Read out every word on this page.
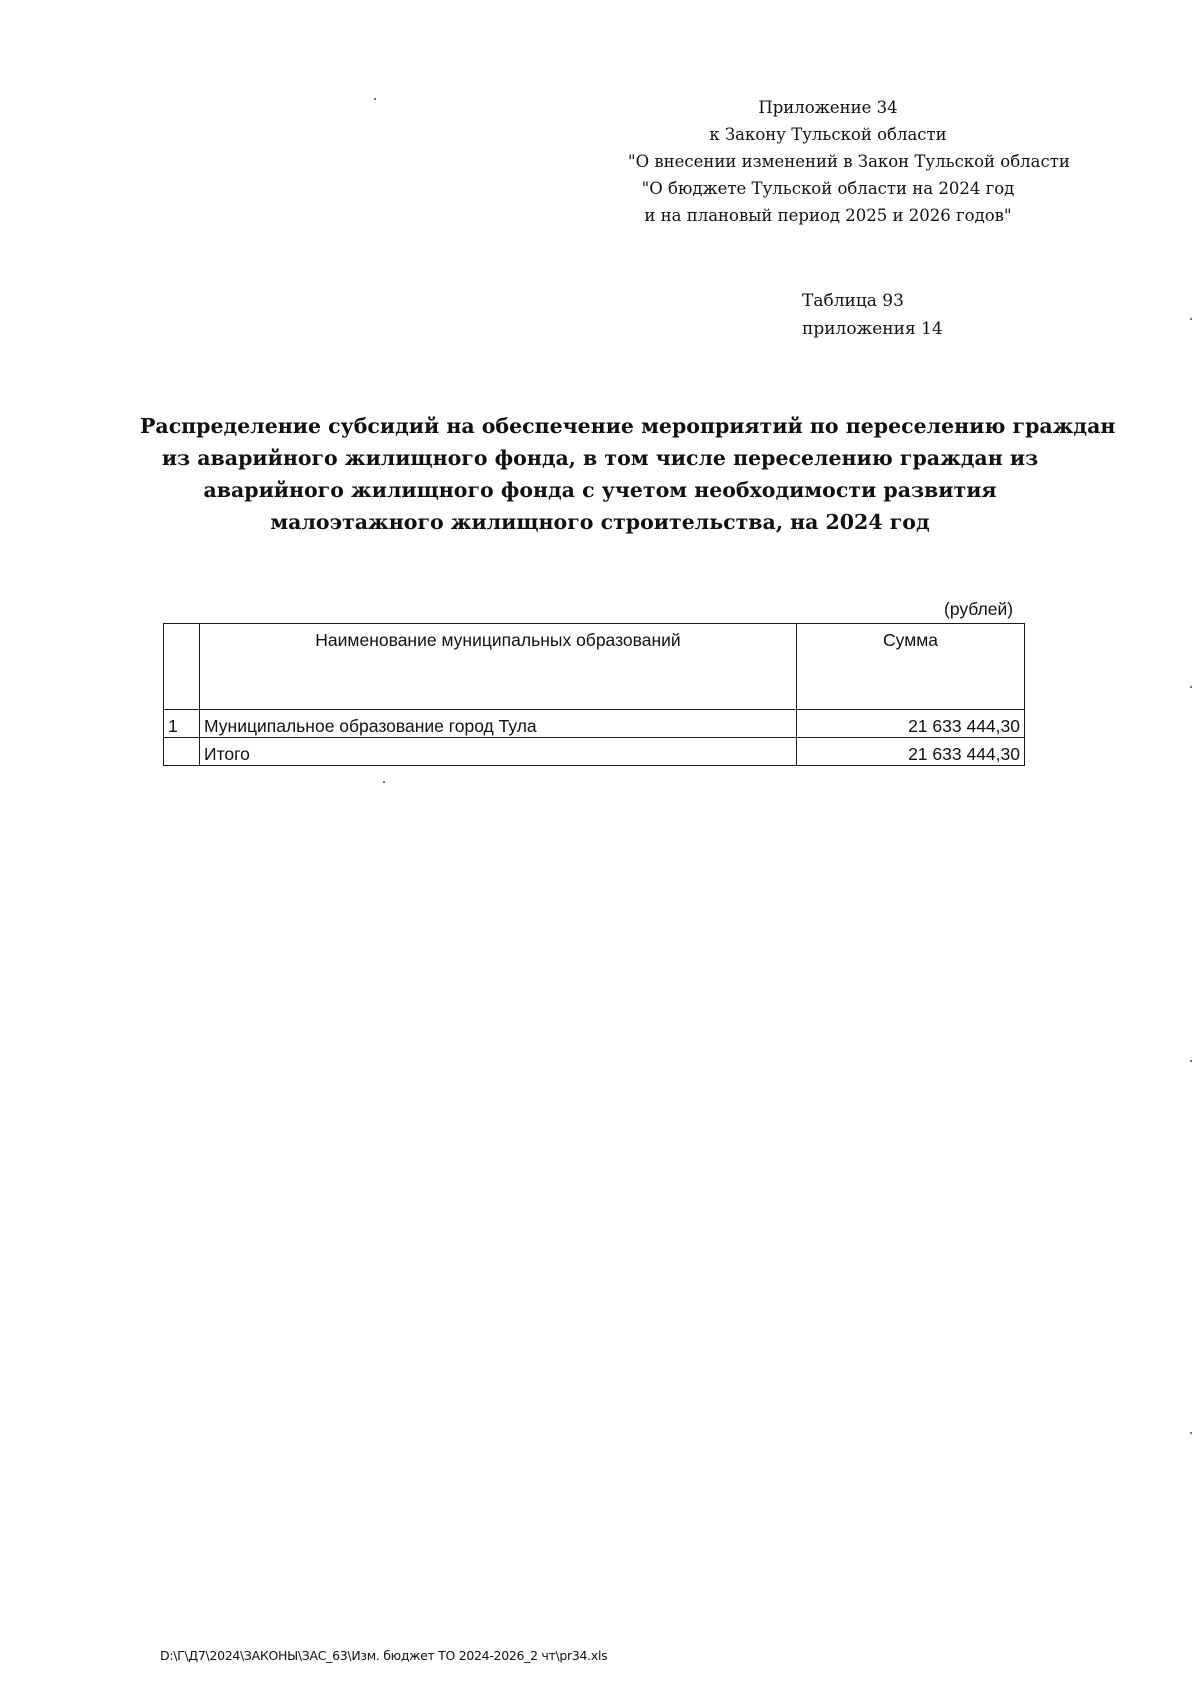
Приложение 34
к Закону Тульской области
"О внесении изменений в Закон Тульской области
"О бюджете Тульской области на 2024 год
и на плановый период 2025 и 2026 годов"
Таблица 93
приложения 14
Распределение субсидий на обеспечение мероприятий по переселению граждан
из аварийного жилищного фонда, в том числе переселению граждан из
аварийного жилищного фонда с учетом необходимости развития
малоэтажного жилищного строительства, на 2024 год
(рублей)
	Наименование муниципальных образований	Сумма
1	Муниципальное образование город Тула	21 633 444,30
	Итого	21 633 444,30
D:\Г\Д7\2024\ЗАКОНЫ\ЗАС_63\Изм. бюджет ТО 2024-2026_2 чт\pr34.xls
